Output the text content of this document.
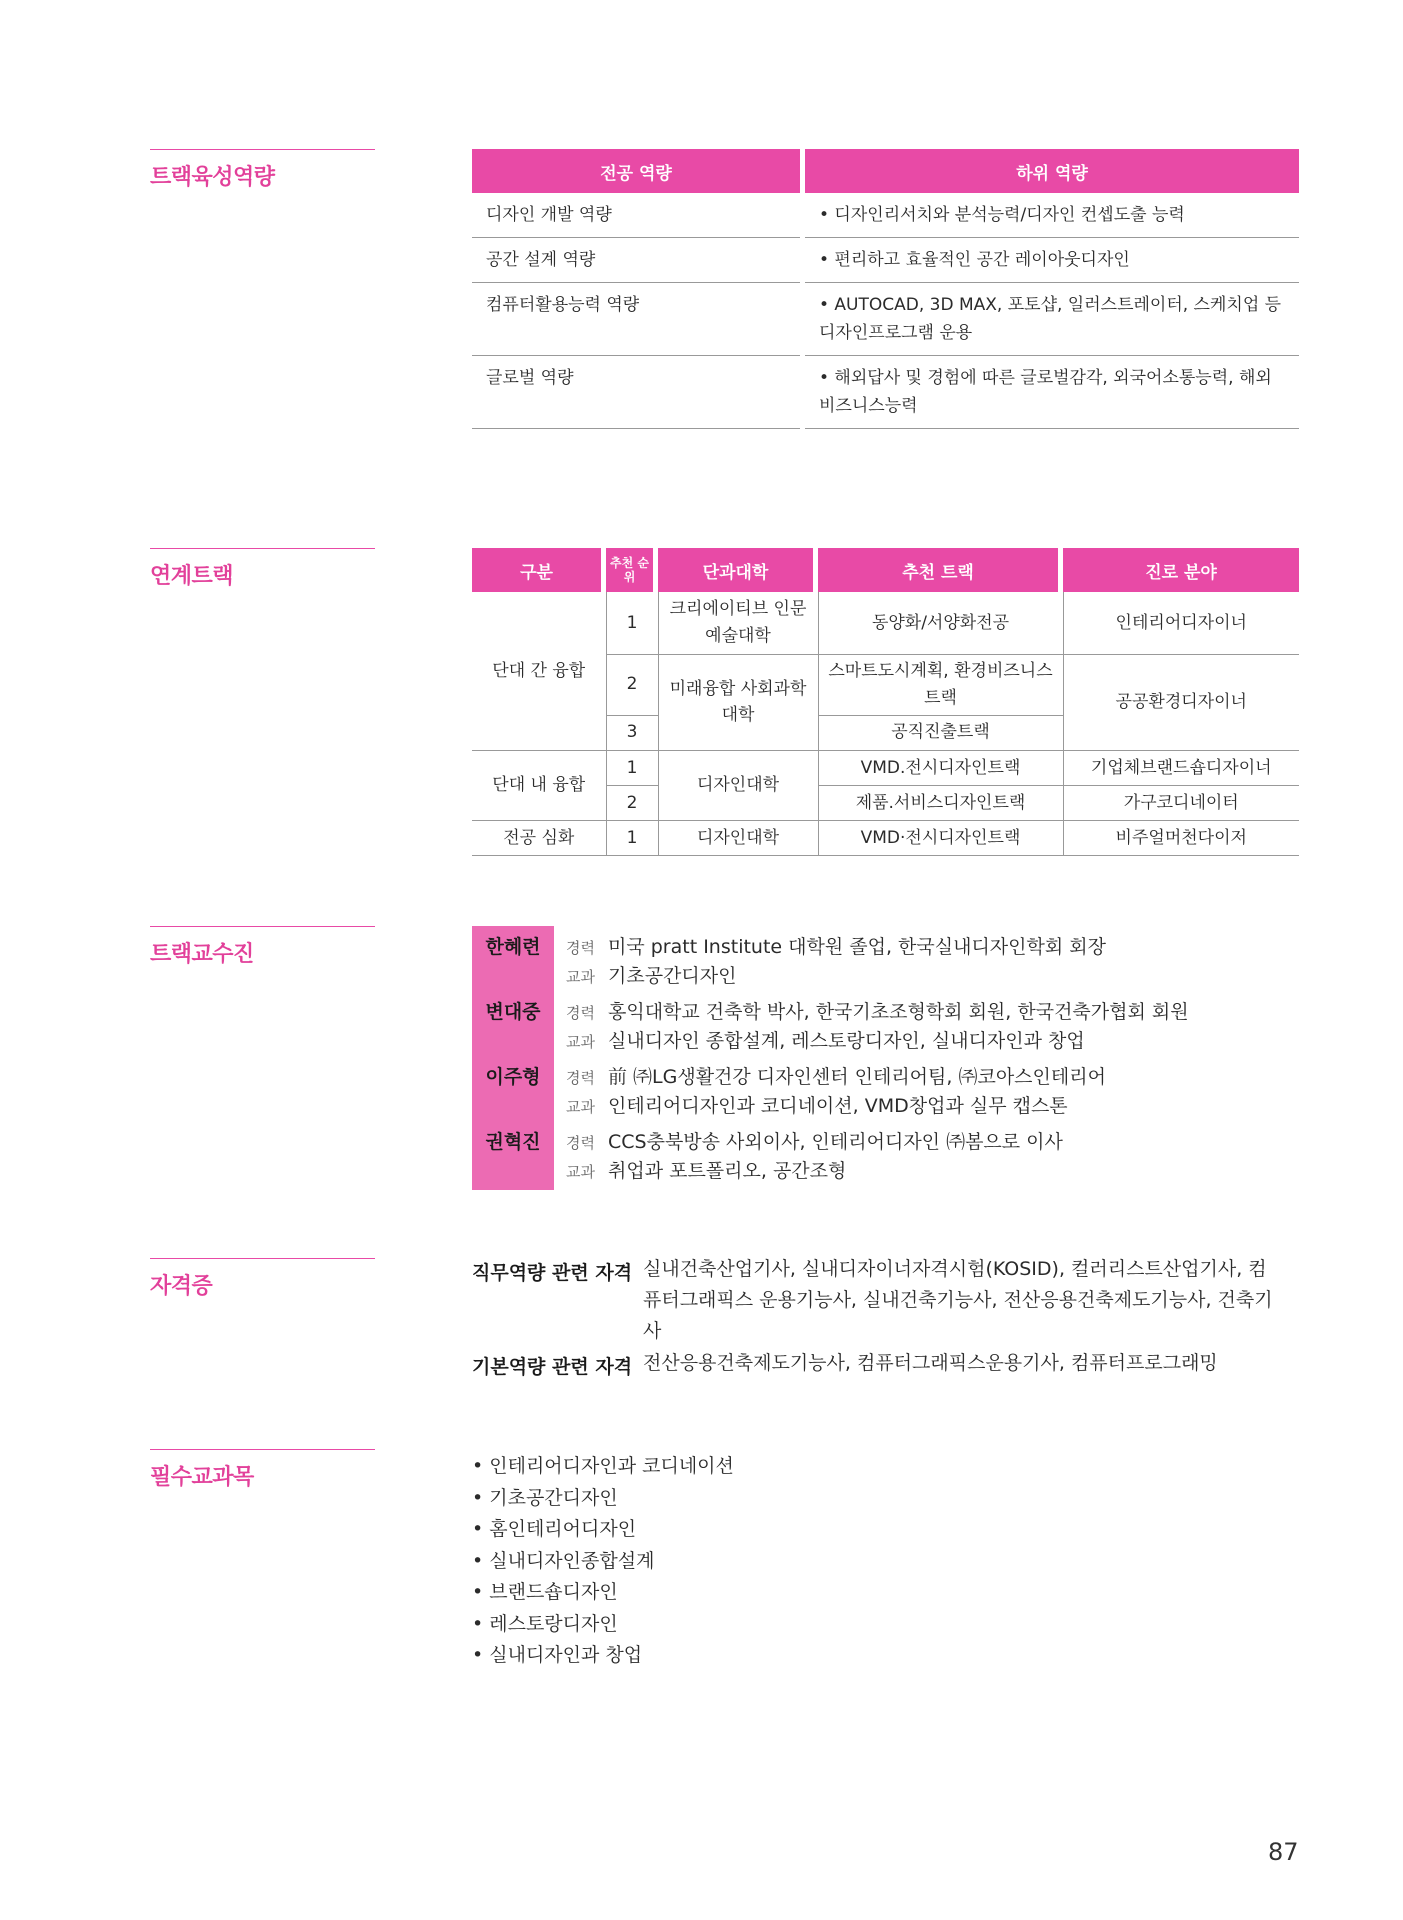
트랙육성역량
연계트랙
트랙교수진
자격증
필수교과목
전공 역량		하위 역량
디자인 개발 역량		• 디자인리서치와 분석능력/디자인 컨셉도출 능력
공간 설계 역량		• 편리하고 효율적인 공간 레이아웃디자인
컴퓨터활용능력 역량		• AUTOCAD, 3D MAX, 포토샵, 일러스트레이터, 스케치업 등 디자인프로그램 운용
글로벌 역량		• 해외답사 및 경험에 따른 글로벌감각, 외국어소통능력, 해외비즈니스능력
구분		추천 순위		단과대학		추천 트랙		진로 분야
단대 간 융합		1		크리에이티브 인문예술대학		동양화/서양화전공		인테리어디자이너
		2		미래융합 사회과학대학		스마트도시계획, 환경비즈니스트랙		공공환경디자이너
		3				공직진출트랙		

단대 내 융합		1		디자인대학		VMD.전시디자인트랙		기업체브랜드숍디자이너
		2				제품.서비스디자인트랙		가구코디네이터
전공 심화		1		디자인대학		VMD·전시디자인트랙		비주얼머천다이저
한혜련	경력 미국 pratt Institute 대학원 졸업, 한국실내디자인학회 회장
교과 기초공간디자인
변대중	경력 홍익대학교 건축학 박사, 한국기초조형학회 회원, 한국건축가협회 회원
교과 실내디자인 종합설계, 레스토랑디자인, 실내디자인과 창업
이주형	경력 前 ㈜LG생활건강 디자인센터 인테리어팀, ㈜코아스인테리어
교과 인테리어디자인과 코디네이션, VMD창업과 실무 캡스톤
권혁진	경력 CCS충북방송 사외이사, 인테리어디자인 ㈜봄으로 이사
교과 취업과 포트폴리오, 공간조형
직무역량 관련 자격 실내건축산업기사, 실내디자이너자격시험(KOSID), 컬러리스트산업기사, 컴퓨터그래픽스 운용기능사, 실내건축기능사, 전산응용건축제도기능사, 건축기사
기본역량 관련 자격 전산응용건축제도기능사, 컴퓨터그래픽스운용기사, 컴퓨터프로그래밍
• 인테리어디자인과 코디네이션
• 기초공간디자인
• 홈인테리어디자인
• 실내디자인종합설계
• 브랜드숍디자인
• 레스토랑디자인
• 실내디자인과 창업
87
